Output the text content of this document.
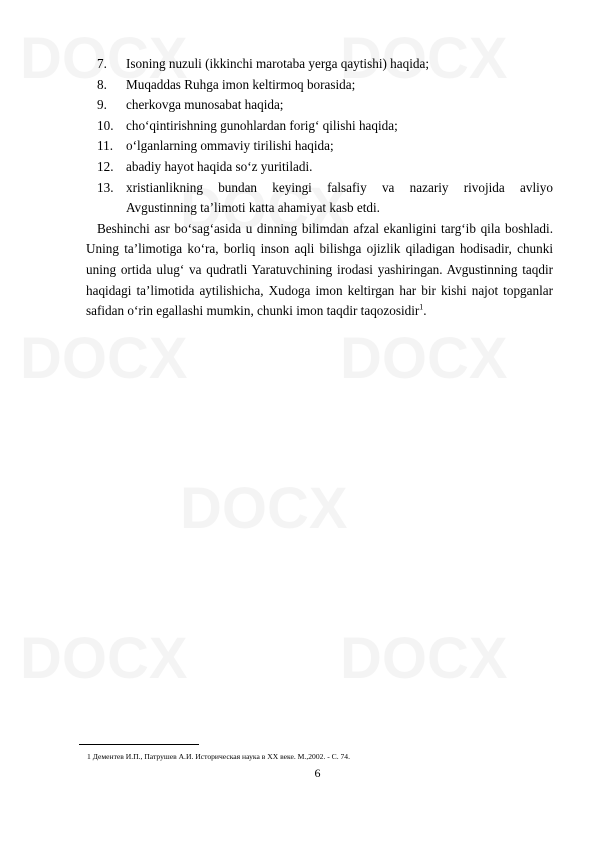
7.	Isoning nuzuli (ikkinchi marotaba yerga qaytishi) haqida;
8.	Muqaddas Ruhga imon keltirmoq borasida;
9.	cherkovga munosabat haqida;
10. cho‘qintirishning gunohlardan forig‘ qilishi haqida;
11. o‘lganlarning ommaviy tirilishi haqida;
12. abadiy hayot haqida so‘z yuritiladi.
13. xristianlikning bundan keyingi falsafiy va nazariy rivojida avliyo
Avgustinning ta’limoti katta ahamiyat kasb etdi.

Beshinchi asr bo‘sag‘asida u dinning bilimdan afzal ekanligini targ‘ib qila boshladi. Uning ta’limotiga ko‘ra, borliq inson aqli bilishga ojizlik qiladigan hodisadir, chunki uning ortida ulug‘ va qudratli Yaratuvchining irodasi yashiringan. Avgustinning taqdir haqidagi ta’limotida aytilishicha, Xudoga imon keltirgan har bir kishi najot topganlar safidan o‘rin egallashi mumkin, chunki imon taqdir taqozosidir$^1$.

1 Дементев И.П., Патрушев А.И. Историческая наука в XX веке. М.,2002. - С. 74.
6
